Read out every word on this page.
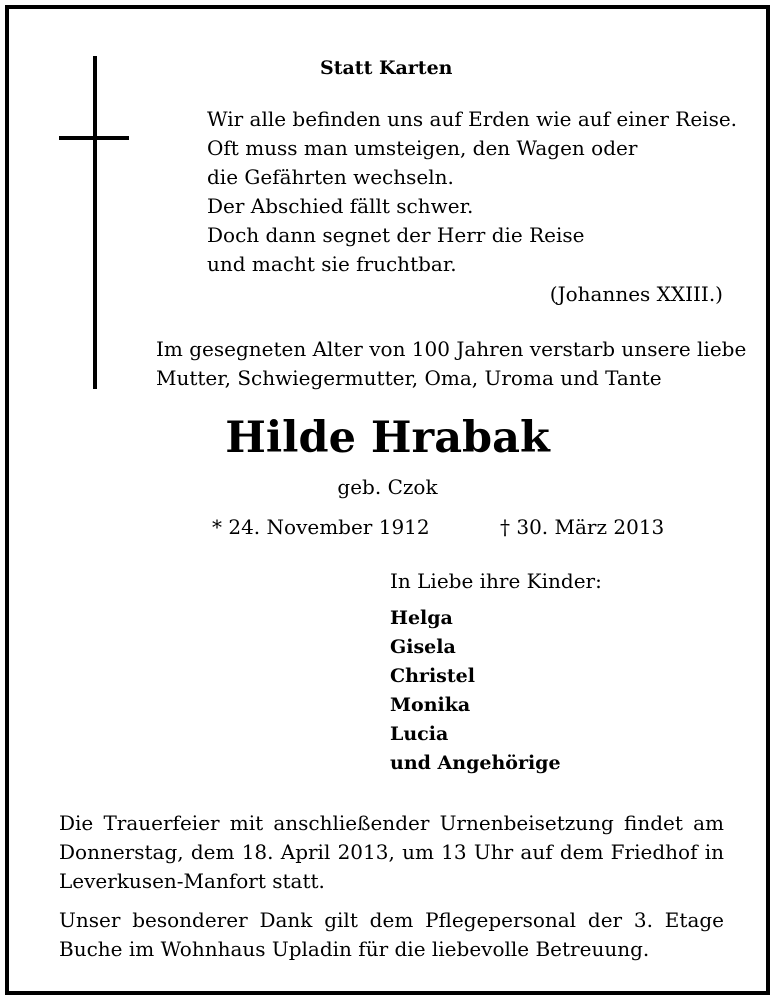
Statt Karten
Wir alle befinden uns auf Erden wie auf einer Reise.
Oft muss man umsteigen, den Wagen oder
die Gefährten wechseln.
Der Abschied fällt schwer.
Doch dann segnet der Herr die Reise
und macht sie fruchtbar.
(Johannes XXIII.)
Im gesegneten Alter von 100 Jahren verstarb unsere liebe
Mutter, Schwiegermutter, Oma, Uroma und Tante
Hilde Hrabak
geb. Czok
* 24. November 1912	† 30. März 2013
In Liebe ihre Kinder:
Helga
Gisela
Christel
Monika
Lucia
und Angehörige
Die Trauerfeier mit anschließender Urnenbeisetzung findet am Donnerstag, dem 18. April 2013, um 13 Uhr auf dem Friedhof in Leverkusen-Manfort statt.
Unser besonderer Dank gilt dem Pflegepersonal der 3. Etage Buche im Wohnhaus Upladin für die liebevolle Betreuung.
